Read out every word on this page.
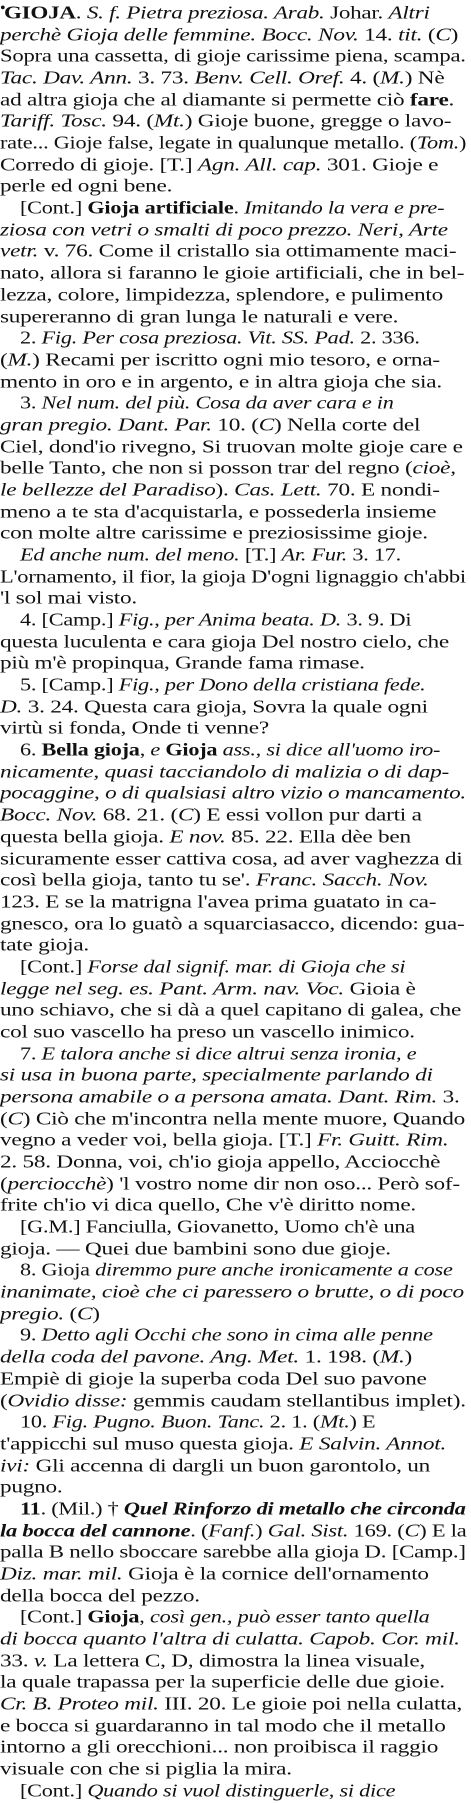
•
GIOJA. S. f. Pietra preziosa. Arab. Johar. Altri
perchè Gioja delle femmine. Bocc. Nov. 14. tit. (C)
Sopra una cassetta, di gioje carissime piena, scampa.
Tac. Dav. Ann. 3. 73. Benv. Cell. Oref. 4. (M.) Nè
ad altra gioja che al diamante si permette ciò fare.
Tariff. Tosc. 94. (Mt.) Gioje buone, gregge o lavo-
rate... Gioje false, legate in qualunque metallo. (Tom.)
Corredo di gioje. [T.] Agn. All. cap. 301. Gioje e
perle ed ogni bene.
[Cont.] Gioja artificiale. Imitando la vera e pre-
ziosa con vetri o smalti di poco prezzo. Neri, Arte
vetr. v. 76. Come il cristallo sia ottimamente maci-
nato, allora si faranno le gioie artificiali, che in bel-
lezza, colore, limpidezza, splendore, e pulimento
supereranno di gran lunga le naturali e vere.
2. Fig. Per cosa preziosa. Vit. SS. Pad. 2. 336.
(M.) Recami per iscritto ogni mio tesoro, e orna-
mento in oro e in argento, e in altra gioja che sia.
3. Nel num. del più. Cosa da aver cara e in
gran pregio. Dant. Par. 10. (C) Nella corte del
Ciel, dond'io rivegno, Si truovan molte gioje care e
belle Tanto, che non si posson trar del regno (cioè,
le bellezze del Paradiso). Cas. Lett. 70. E nondi-
meno a te sta d'acquistarla, e possederla insieme
con molte altre carissime e preziosissime gioje.
Ed anche num. del meno. [T.] Ar. Fur. 3. 17.
L'ornamento, il fior, la gioja D'ogni lignaggio ch'abbi
'l sol mai visto.
4. [Camp.] Fig., per Anima beata. D. 3. 9. Di
questa luculenta e cara gioja Del nostro cielo, che
più m'è propinqua, Grande fama rimase.
5. [Camp.] Fig., per Dono della cristiana fede.
D. 3. 24. Questa cara gioja, Sovra la quale ogni
virtù si fonda, Onde ti venne?
6. Bella gioja, e Gioja ass., si dice all'uomo iro-
nicamente, quasi tacciandolo di malizia o di dap-
pocaggine, o di qualsiasi altro vizio o mancamento.
Bocc. Nov. 68. 21. (C) E essi vollon pur darti a
questa bella gioja. E nov. 85. 22. Ella dèe ben
sicuramente esser cattiva cosa, ad aver vaghezza di
così bella gioja, tanto tu se'. Franc. Sacch. Nov.
123. E se la matrigna l'avea prima guatato in ca-
gnesco, ora lo guatò a squarciasacco, dicendo: gua-
tate gioja.
[Cont.] Forse dal signif. mar. di Gioja che si
legge nel seg. es. Pant. Arm. nav. Voc. Gioia è
uno schiavo, che si dà a quel capitano di galea, che
col suo vascello ha preso un vascello inimico.
7. E talora anche si dice altrui senza ironia, e
si usa in buona parte, specialmente parlando di
persona amabile o a persona amata. Dant. Rim. 3.
(C) Ciò che m'incontra nella mente muore, Quando
vegno a veder voi, bella gioja. [T.] Fr. Guitt. Rim.
2. 58. Donna, voi, ch'io gioja appello, Acciocchè
(perciocchè) 'l vostro nome dir non oso... Però sof-
frite ch'io vi dica quello, Che v'è diritto nome.
[G.M.] Fanciulla, Giovanetto, Uomo ch'è una
gioja. — Quei due bambini sono due gioje.
8. Gioja diremmo pure anche ironicamente a cose
inanimate, cioè che ci paressero o brutte, o di poco
pregio. (C)
9. Detto agli Occhi che sono in cima alle penne
della coda del pavone. Ang. Met. 1. 198. (M.)
Empiè di gioje la superba coda Del suo pavone
(Ovidio disse: gemmis caudam stellantibus implet).
10. Fig. Pugno. Buon. Tanc. 2. 1. (Mt.) E
t'appicchi sul muso questa gioja. E Salvin. Annot.
ivi: Gli accenna di dargli un buon garontolo, un
pugno.
11. (Mil.) † Quel Rinforzo di metallo che circonda
la bocca del cannone. (Fanf.) Gal. Sist. 169. (C) E la
palla B nello sboccare sarebbe alla gioja D. [Camp.]
Diz. mar. mil. Gioja è la cornice dell'ornamento
della bocca del pezzo.
[Cont.] Gioja, così gen., può esser tanto quella
di bocca quanto l'altra di culatta. Capob. Cor. mil.
33. v. La lettera C, D, dimostra la linea visuale,
la quale trapassa per la superficie delle due gioie.
Cr. B. Proteo mil. III. 20. Le gioie poi nella culatta,
e bocca si guardaranno in tal modo che il metallo
intorno a gli orecchioni... non proibisca il raggio
visuale con che si piglia la mira.
[Cont.] Quando si vuol distinguerle, si dice
